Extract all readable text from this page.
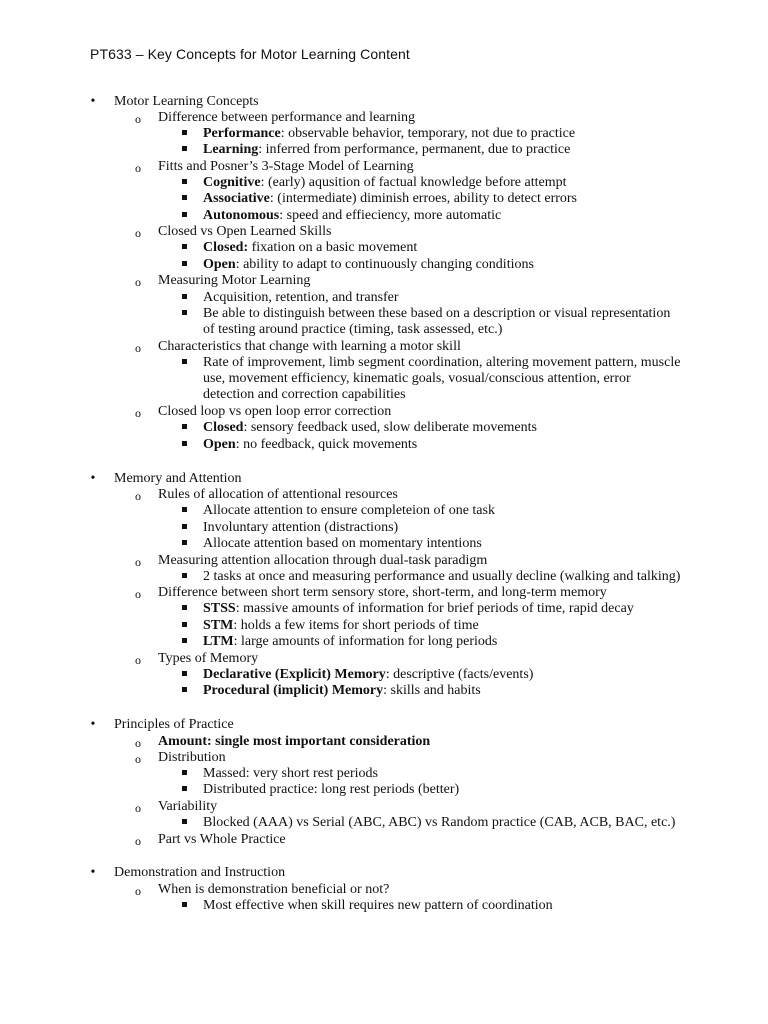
PT633 – Key Concepts for Motor Learning Content
•
Motor Learning Concepts
o Difference between performance and learning
Performance: observable behavior, temporary, not due to practice
Learning: inferred from performance, permanent, due to practice
o Fitts and Posner’s 3-Stage Model of Learning
Cognitive: (early) aqusition of factual knowledge before attempt
Associative: (intermediate) diminish erroes, ability to detect errors
Autonomous: speed and effieciency, more automatic
o Closed vs Open Learned Skills
Closed: fixation on a basic movement
Open: ability to adapt to continuously changing conditions
o Measuring Motor Learning
Acquisition, retention, and transfer
Be able to distinguish between these based on a description or visual representation
of testing around practice (timing, task assessed, etc.)
o Characteristics that change with learning a motor skill
Rate of improvement, limb segment coordination, altering movement pattern, muscle
use, movement efficiency, kinematic goals, vosual/conscious attention, error
detection and correction capabilities
o Closed loop vs open loop error correction
Closed: sensory feedback used, slow deliberate movements
Open: no feedback, quick movements
•
Memory and Attention
o Rules of allocation of attentional resources
Allocate attention to ensure completeion of one task
Involuntary attention (distractions)
Allocate attention based on momentary intentions
o Measuring attention allocation through dual-task paradigm
2 tasks at once and measuring performance and usually decline (walking and talking)
o Difference between short term sensory store, short-term, and long-term memory
STSS: massive amounts of information for brief periods of time, rapid decay
STM: holds a few items for short periods of time
LTM: large amounts of information for long periods
o Types of Memory
Declarative (Explicit) Memory: descriptive (facts/events)
Procedural (implicit) Memory: skills and habits
•
Principles of Practice
o Amount: single most important consideration
o Distribution
Massed: very short rest periods
Distributed practice: long rest periods (better)
o Variability
Blocked (AAA) vs Serial (ABC, ABC) vs Random practice (CAB, ACB, BAC, etc.)
o Part vs Whole Practice
•
Demonstration and Instruction
o When is demonstration beneficial or not?
Most effective when skill requires new pattern of coordination
